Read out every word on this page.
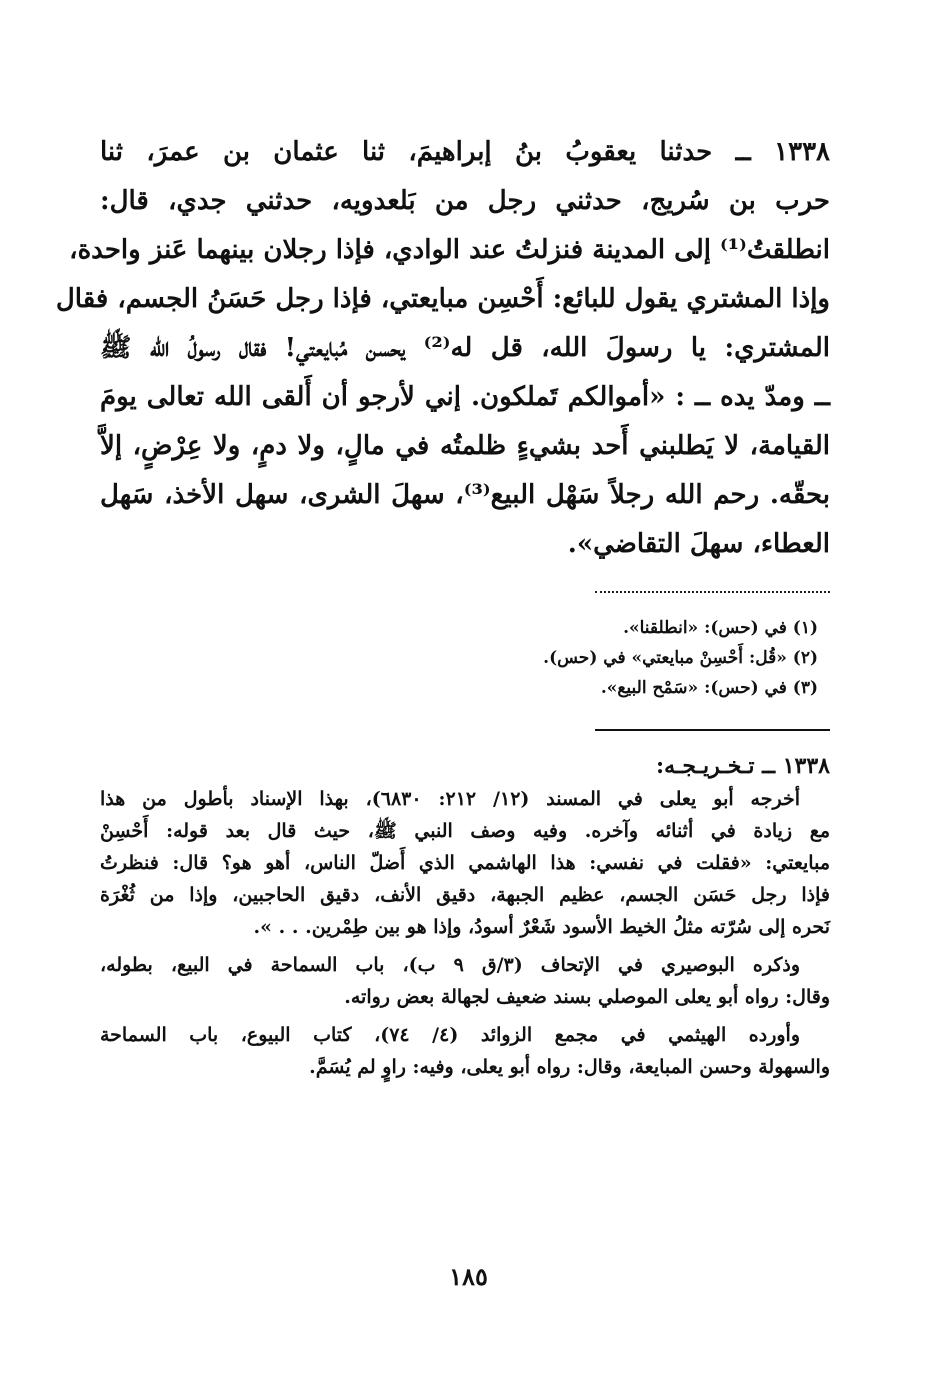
١٣٣٨ ــ حدثنا يعقوبُ بنُ إبراهيمَ، ثنا عثمان بن عمرَ، ثنا
حرب بن سُريج، حدثني رجل من بَلعدويه، حدثني جدي، قال:
انطلقتُ⁽¹⁾ إلى المدينة فنزلتُ عند الوادي، فإذا رجلان بينهما عَنز واحدة،
وإذا المشتري يقول للبائع: أَحْسِن مبايعتي، فإذا رجل حَسَنُ الجسم، فقال
المشتري: يا رسولَ الله، قل له⁽²⁾ يحسن مُبايعتي! فقال رسولُ الله ﷺ
ــ ومدّ يده ــ : «أموالكم تَملكون. إني لأرجو أن أَلقى الله تعالى يومَ
القيامة، لا يَطلبني أَحد بشيءٍ ظلمتُه في مالٍ، ولا دمٍ، ولا عِرْضٍ، إلاَّ
بحقّه. رحم الله رجلاً سَهْل البيع⁽³⁾، سهلَ الشرى، سهل الأخذ، سَهل
العطاء، سهلَ التقاضي».
(١) في (حس): «انطلقنا».
(٢) «قُل: أَحْسِنْ مبايعتي» في (حس).
(٣) في (حس): «سَمْح البيع».
١٣٣٨ ــ تـخـريـجـه:
أخرجه أبو يعلى في المسند (١٢/ ٢١٢: ٦٨٣٠)، بهذا الإسناد بأطول من هذا
مع زيادة في أثنائه وآخره. وفيه وصف النبي ﷺ، حيث قال بعد قوله: أَحْسِنْ
مبايعتي: «فقلت في نفسي: هذا الهاشمي الذي أَضلّ الناس، أهو هو؟ قال: فنظرتُ
فإذا رجل حَسَن الجسم، عظيم الجبهة، دقيق الأنف، دقيق الحاجبين، وإذا من ثُغْرَة
نَحره إلى سُرّته مثلُ الخيط الأسود شَعْرٌ أسودُ، وإذا هو بين طِمْرين. . . ».
وذكره البوصيري في الإتحاف (٣/ق ٩ ب)، باب السماحة في البيع، بطوله،
وقال: رواه أبو يعلى الموصلي بسند ضعيف لجهالة بعض رواته.
وأورده الهيثمي في مجمع الزوائد (٤/ ٧٤)، كتاب البيوع، باب السماحة
والسهولة وحسن المبايعة، وقال: رواه أبو يعلى، وفيه: راوٍ لم يُسَمَّ.
١٨٥
